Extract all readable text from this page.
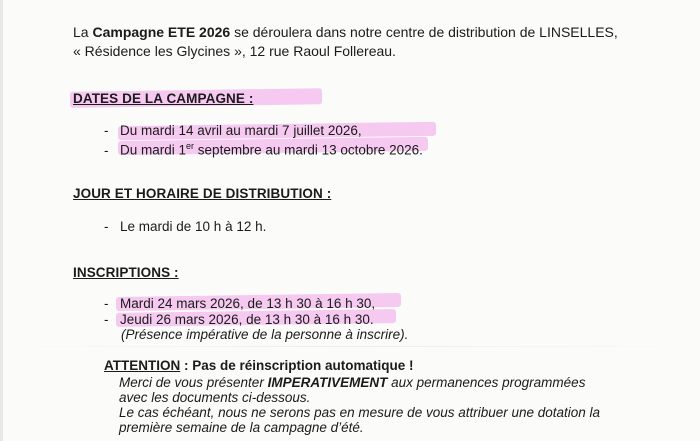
La Campagne ETE 2026 se déroulera dans notre centre de distribution de LINSELLES,
« Résidence les Glycines », 12 rue Raoul Follereau.
DATES DE LA CAMPAGNE :
- Du mardi 14 avril au mardi 7 juillet 2026,
- Du mardi 1er septembre au mardi 13 octobre 2026.
JOUR ET HORAIRE DE DISTRIBUTION :
- Le mardi de 10 h à 12 h.
INSCRIPTIONS :
- Mardi 24 mars 2026, de 13 h 30 à 16 h 30,
- Jeudi 26 mars 2026, de 13 h 30 à 16 h 30.
(Présence impérative de la personne à inscrire).
ATTENTION : Pas de réinscription automatique !
Merci de vous présenter IMPERATIVEMENT aux permanences programmées
avec les documents ci-dessous.
Le cas échéant, nous ne serons pas en mesure de vous attribuer une dotation la
première semaine de la campagne d’été.
